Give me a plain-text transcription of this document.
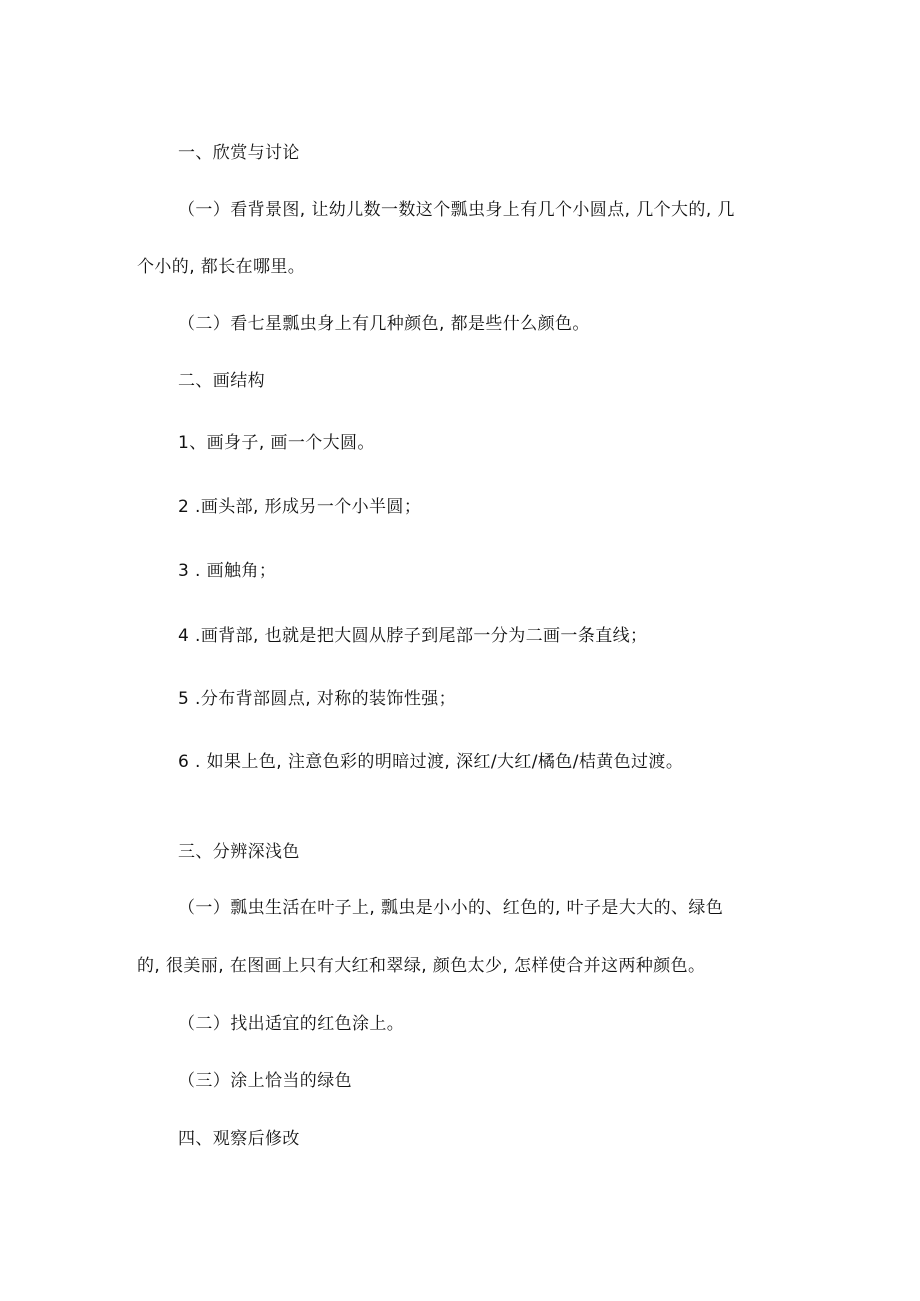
一、欣赏与讨论
（一）看背景图, 让幼儿数一数这个瓢虫身上有几个小圆点, 几个大的, 几
个小的, 都长在哪里。
（二）看七星瓢虫身上有几种颜色, 都是些什么颜色。
二、画结构
1、画身子, 画一个大圆。
2 .画头部, 形成另一个小半圆；
3 . 画触角；
4 .画背部, 也就是把大圆从脖子到尾部一分为二画一条直线；
5 .分布背部圆点, 对称的装饰性强；
6 . 如果上色, 注意色彩的明暗过渡, 深红/大红/橘色/桔黄色过渡。
三、分辨深浅色
（一）瓢虫生活在叶子上, 瓢虫是小小的、红色的, 叶子是大大的、绿色
的, 很美丽, 在图画上只有大红和翠绿, 颜色太少, 怎样使合并这两种颜色。
（二）找出适宜的红色涂上。
（三）涂上恰当的绿色
四、观察后修改
